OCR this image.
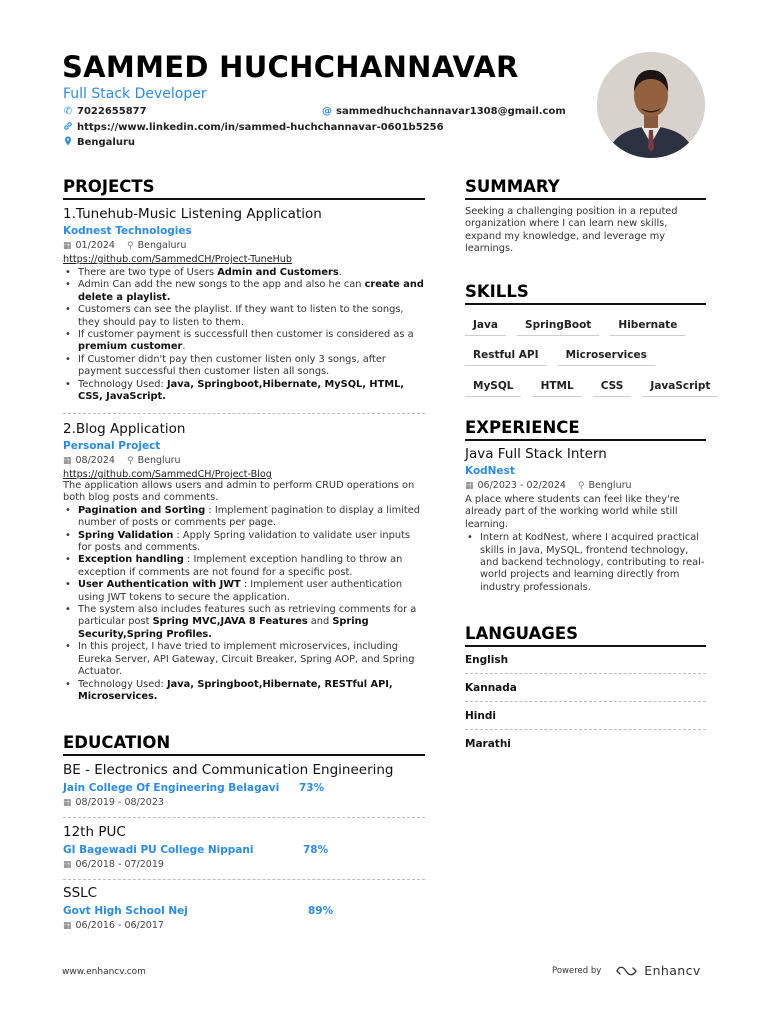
SAMMED HUCHCHANNAVAR
Full Stack Developer
✆ 7022655877	@ sammedhuchchannavar1308@gmail.com
https://www.linkedin.com/in/sammed-huchchannavar-0601b5256
Bengaluru
PROJECTS
1.Tunehub-Music Listening Application
Kodnest Technologies
▦ 01/2024 ⚲ Bengaluru
https://github.com/SammedCH/Project-TuneHub
• There are two type of Users Admin and Customers.
• Admin Can add the new songs to the app and also he can create and delete a playlist.
• Customers can see the playlist. If they want to listen to the songs, they should pay to listen to them.
• If customer payment is successfull then customer is considered as a premium customer.
• If Customer didn't pay then customer listen only 3 songs, after payment successful then customer listen all songs.
• Technology Used: Java, Springboot,Hibernate, MySQL, HTML, CSS, JavaScript.
2.Blog Application
Personal Project
▦ 08/2024 ⚲ Bengluru
https://github.com/SammedCH/Project-Blog
The application allows users and admin to perform CRUD operations on both blog posts and comments.
• Pagination and Sorting : Implement pagination to display a limited number of posts or comments per page.
• Spring Validation : Apply Spring validation to validate user inputs for posts and comments.
• Exception handling : Implement exception handling to throw an exception if comments are not found for a specific post.
• User Authentication with JWT : Implement user authentication using JWT tokens to secure the application.
• The system also includes features such as retrieving comments for a particular post Spring MVC,JAVA 8 Features and Spring Security,Spring Profiles.
• In this project, I have tried to implement microservices, including Eureka Server, API Gateway, Circuit Breaker, Spring AOP, and Spring Actuator.
• Technology Used: Java, Springboot,Hibernate, RESTful API, Microservices.
EDUCATION
BE - Electronics and Communication Engineering
Jain College Of Engineering Belagavi	73%
▦ 08/2019 - 08/2023
12th PUC
GI Bagewadi PU College Nippani	78%
▦ 06/2018 - 07/2019
SSLC
Govt High School Nej	89%
▦ 06/2016 - 06/2017
SUMMARY
Seeking a challenging position in a reputed organization where I can learn new skills, expand my knowledge, and leverage my learnings.
SKILLS
Java	SpringBoot	Hibernate
Restful API	Microservices
MySQL	HTML	CSS	JavaScript
EXPERIENCE
Java Full Stack Intern
KodNest
▦ 06/2023 - 02/2024 ⚲ Bengluru
A place where students can feel like they're already part of the working world while still learning.
• Intern at KodNest, where I acquired practical skills in Java, MySQL, frontend technology, and backend technology, contributing to real-world projects and learning directly from industry professionals.
LANGUAGES
English
Kannada
Hindi
Marathi
www.enhancv.com	Powered by	Enhancv
